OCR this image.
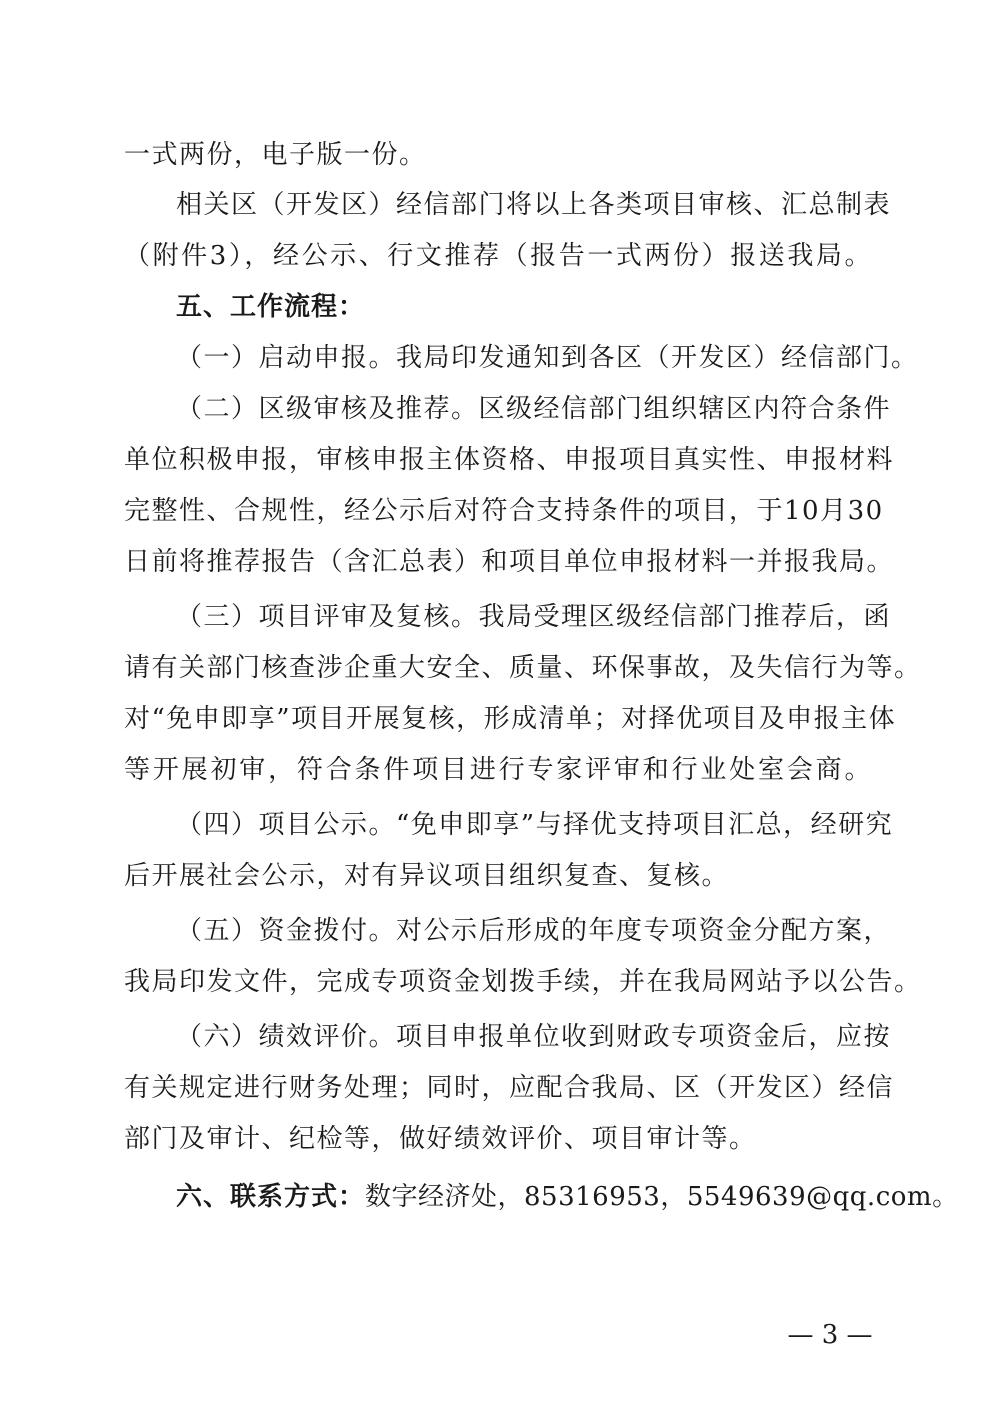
一式两份，电子版一份。
相关区（开发区）经信部门将以上各类项目审核、汇总制表
（附件3），经公示、行文推荐（报告一式两份）报送我局。
五、工作流程：
（一）启动申报。我局印发通知到各区（开发区）经信部门。
（二）区级审核及推荐。区级经信部门组织辖区内符合条件
单位积极申报，审核申报主体资格、申报项目真实性、申报材料
完整性、合规性，经公示后对符合支持条件的项目，于10月30
日前将推荐报告（含汇总表）和项目单位申报材料一并报我局。
（三）项目评审及复核。我局受理区级经信部门推荐后，函
请有关部门核查涉企重大安全、质量、环保事故，及失信行为等。
对“免申即享”项目开展复核，形成清单；对择优项目及申报主体
等开展初审，符合条件项目进行专家评审和行业处室会商。
（四）项目公示。“免申即享”与择优支持项目汇总，经研究
后开展社会公示，对有异议项目组织复查、复核。
（五）资金拨付。对公示后形成的年度专项资金分配方案，
我局印发文件，完成专项资金划拨手续，并在我局网站予以公告。
（六）绩效评价。项目申报单位收到财政专项资金后，应按
有关规定进行财务处理；同时，应配合我局、区（开发区）经信
部门及审计、纪检等，做好绩效评价、项目审计等。
六、联系方式：数字经济处，85316953，5549639@qq.com。
— 3 —
